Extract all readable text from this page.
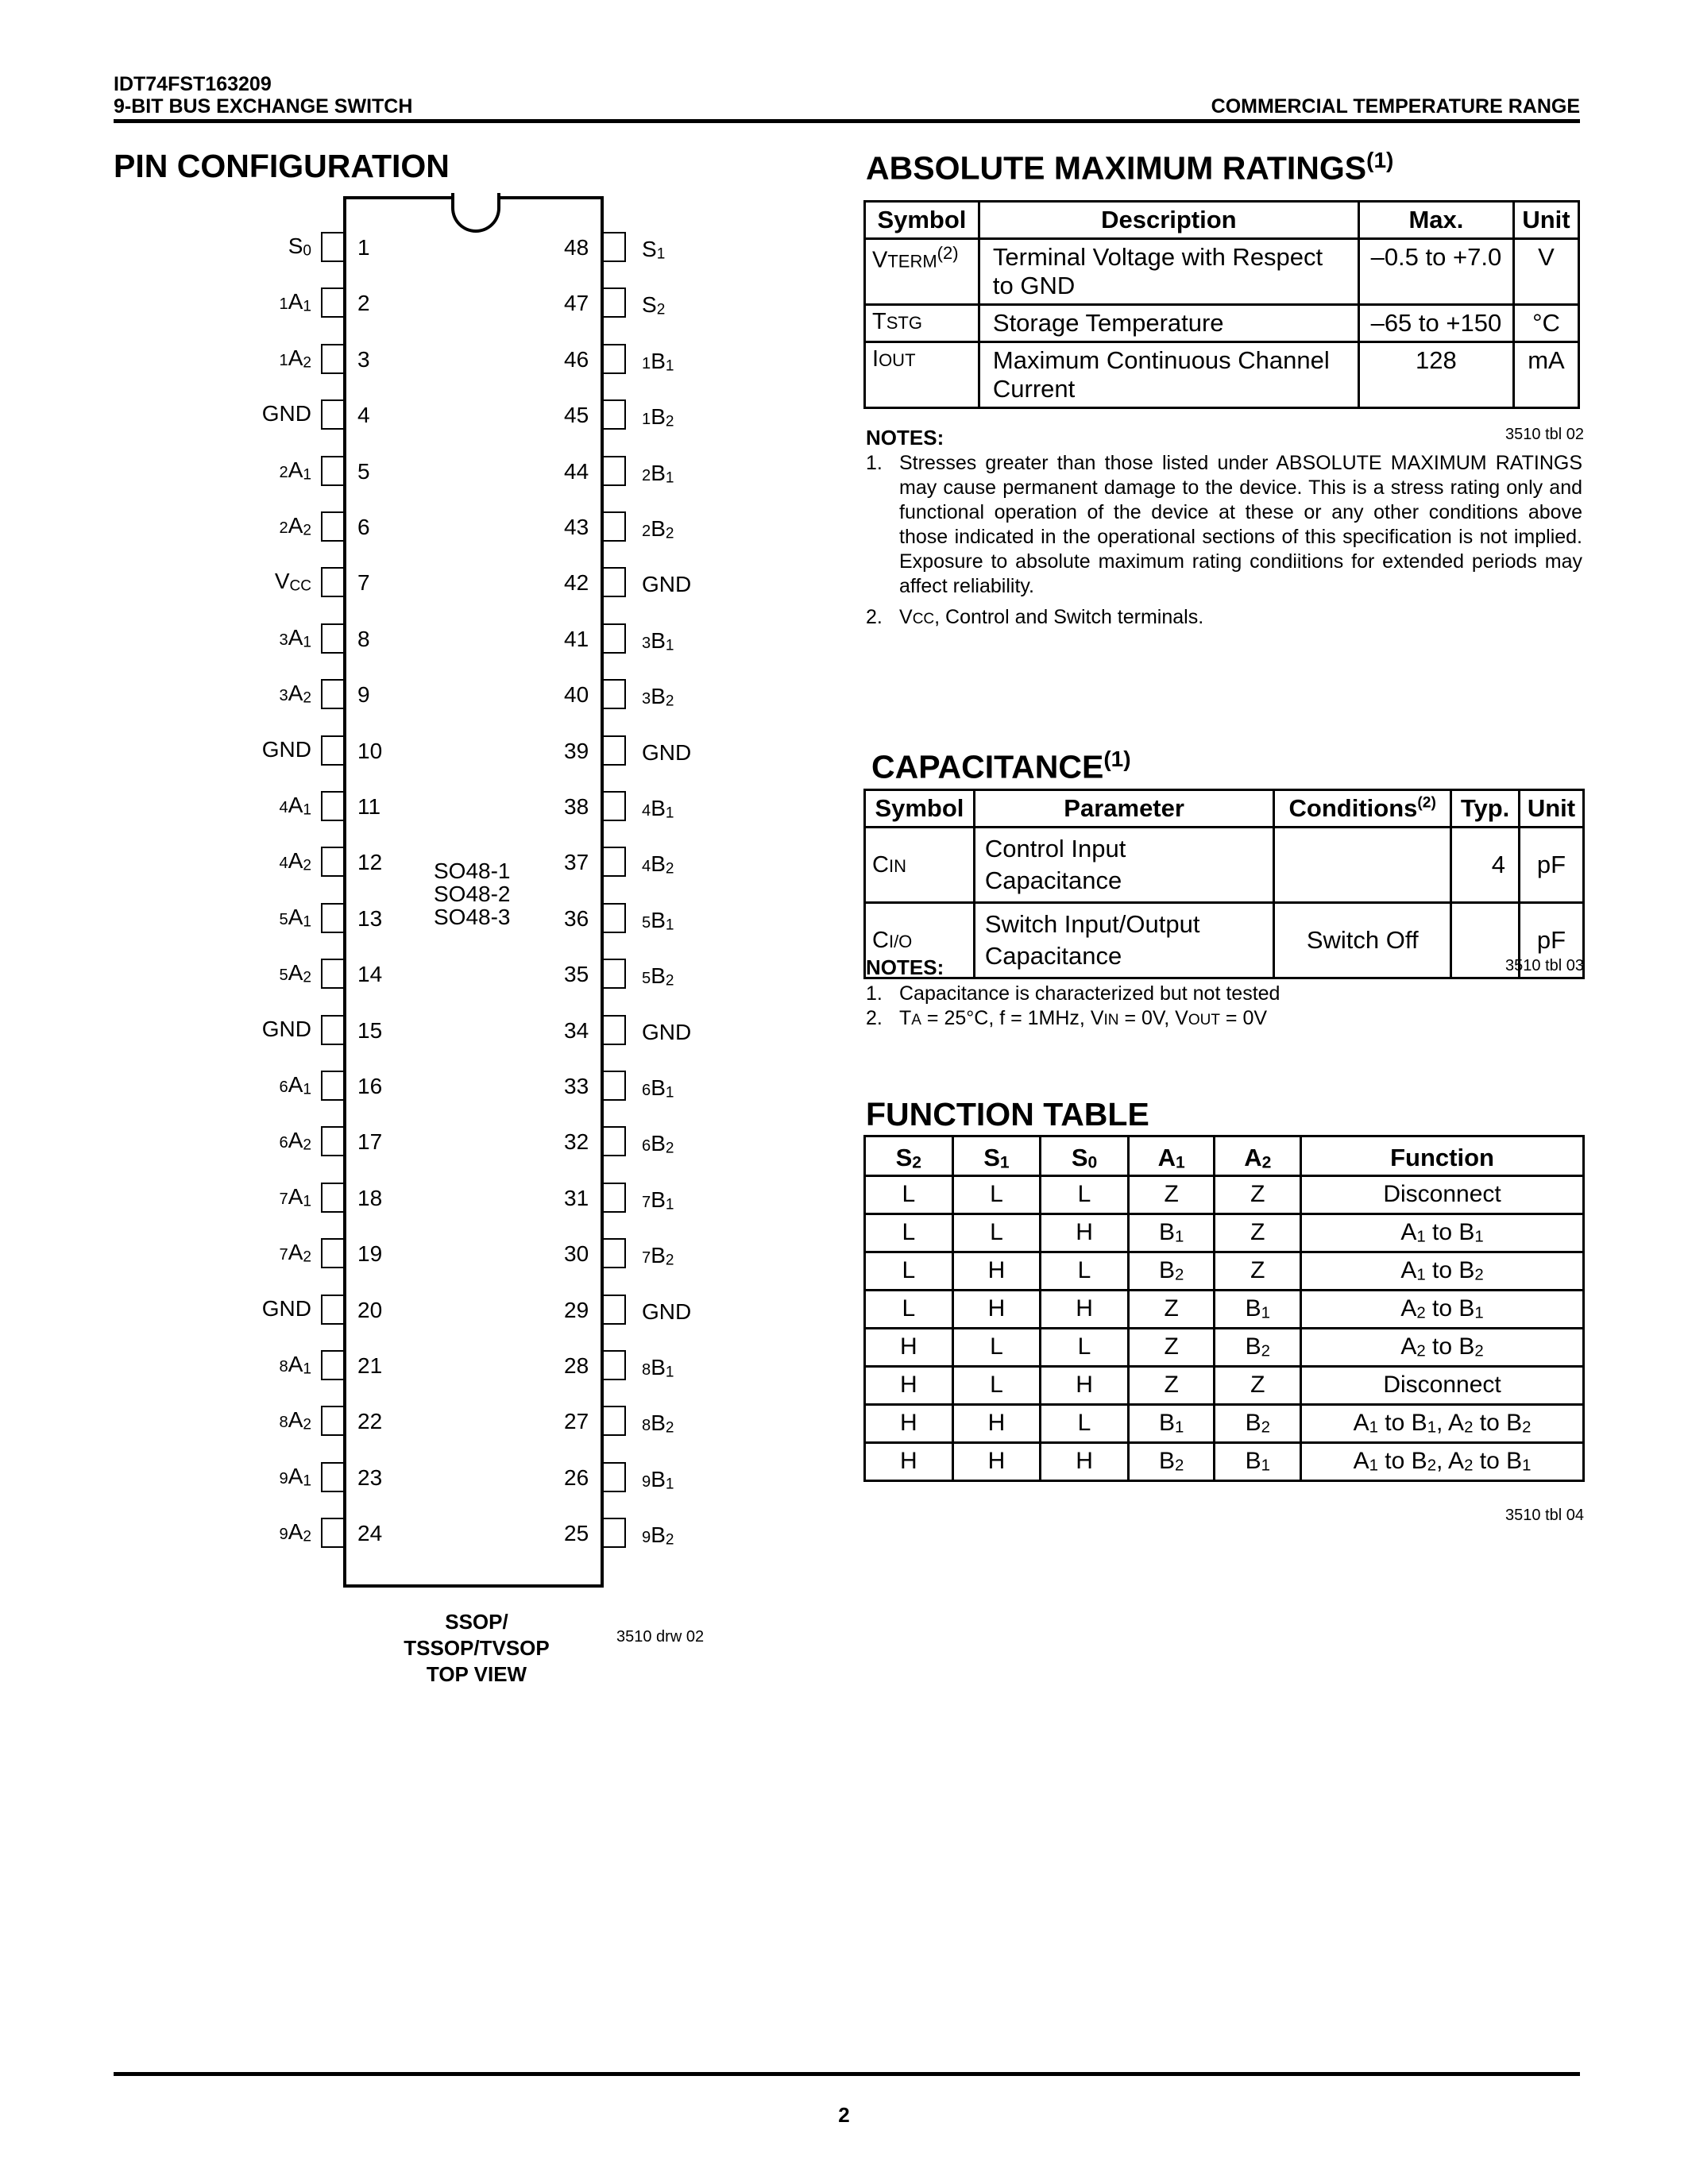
IDT74FST163209
9-BIT BUS EXCHANGE SWITCH	COMMERCIAL TEMPERATURE RANGE
PIN CONFIGURATION
1
$S_0$
2
$1A_1$
3
$1A_2$
4
GND
5
$2A_1$
6
$2A_2$
7
$V_{CC}$
8
$3A_1$
9
$3A_2$
10
GND
11
$4A_1$
12
$4A_2$
13
$5A_1$
14
$5A_2$
15
GND
16
$6A_1$
17
$6A_2$
18
$7A_1$
19
$7A_2$
20
GND
21
$8A_1$
22
$8A_2$
23
$9A_1$
24
$9A_2$
48 $S_1$
47 $S_2$
46	$1B_1$
45	$1B_2$
44	$2B_1$
43	$2B_2$
42 GND
41	$3B_1$
40	$3B_2$
39 GND
38	$4B_1$
37	$4B_2$
36	$5B_1$
35	$5B_2$
34 GND
33	$6B_1$
32	$6B_2$
31	$7B_1$
30	$7B_2$
29 GND
28	$8B_1$
27	$8B_2$
26	$9B_1$
25	$9B_2$
SO48-1
SO48-2
SO48-3
SSOP/
TSSOP/TVSOP
TOP VIEW
3510 drw 02
ABSOLUTE MAXIMUM RATINGS$^{(1)}$
Symbol	Description	Max.	Unit
VTERM$^{(2)}$	Terminal Voltage with Respect to GND	–0.5 to +7.0	V
TSTG	Storage Temperature	–65 to +150	°C
IOUT	Maximum Continuous Channel Current	128	mA
NOTES:	3510 tbl 02
1. Stresses greater than those listed under ABSOLUTE MAXIMUM RATINGS may cause permanent damage to the device. This is a stress rating only and functional operation of the device at these or any other conditions above those indicated in the operational sections of this specification is not implied. Exposure to absolute maximum rating condiitions for extended periods may affect reliability.
2. VCC, Control and Switch terminals.
CAPACITANCE$^{(1)}$
Symbol	Parameter	Conditions$^{(2)}$	Typ.	Unit
CIN	Control Input Capacitance		4	pF
CI/O	Switch Input/Output Capacitance	Switch Off		pF
NOTES:	3510 tbl 03
1. Capacitance is characterized but not tested
2. TA = 25°C, f = 1MHz, VIN = 0V, VOUT = 0V
FUNCTION TABLE
$S_2$	$S_1$	$S_0$	$A_1$	$A_2$	Function
L	L	L	Z	Z	Disconnect
L	L	H	$B_1$	Z	$A_1$ to $B_1$
L	H	L	$B_2$	Z	$A_1$ to $B_2$
L	H	H	Z	$B_1$	$A_2$ to $B_1$
H	L	L	Z	$B_2$	$A_2$ to $B_2$
H	L	H	Z	Z	Disconnect
H	H	L	$B_1$	$B_2$	$A_1$ to $B_1$, $A_2$ to $B_2$
H	H	H	$B_2$	$B_1$	$A_1$ to $B_2$, $A_2$ to $B_1$
3510 tbl 04
2
